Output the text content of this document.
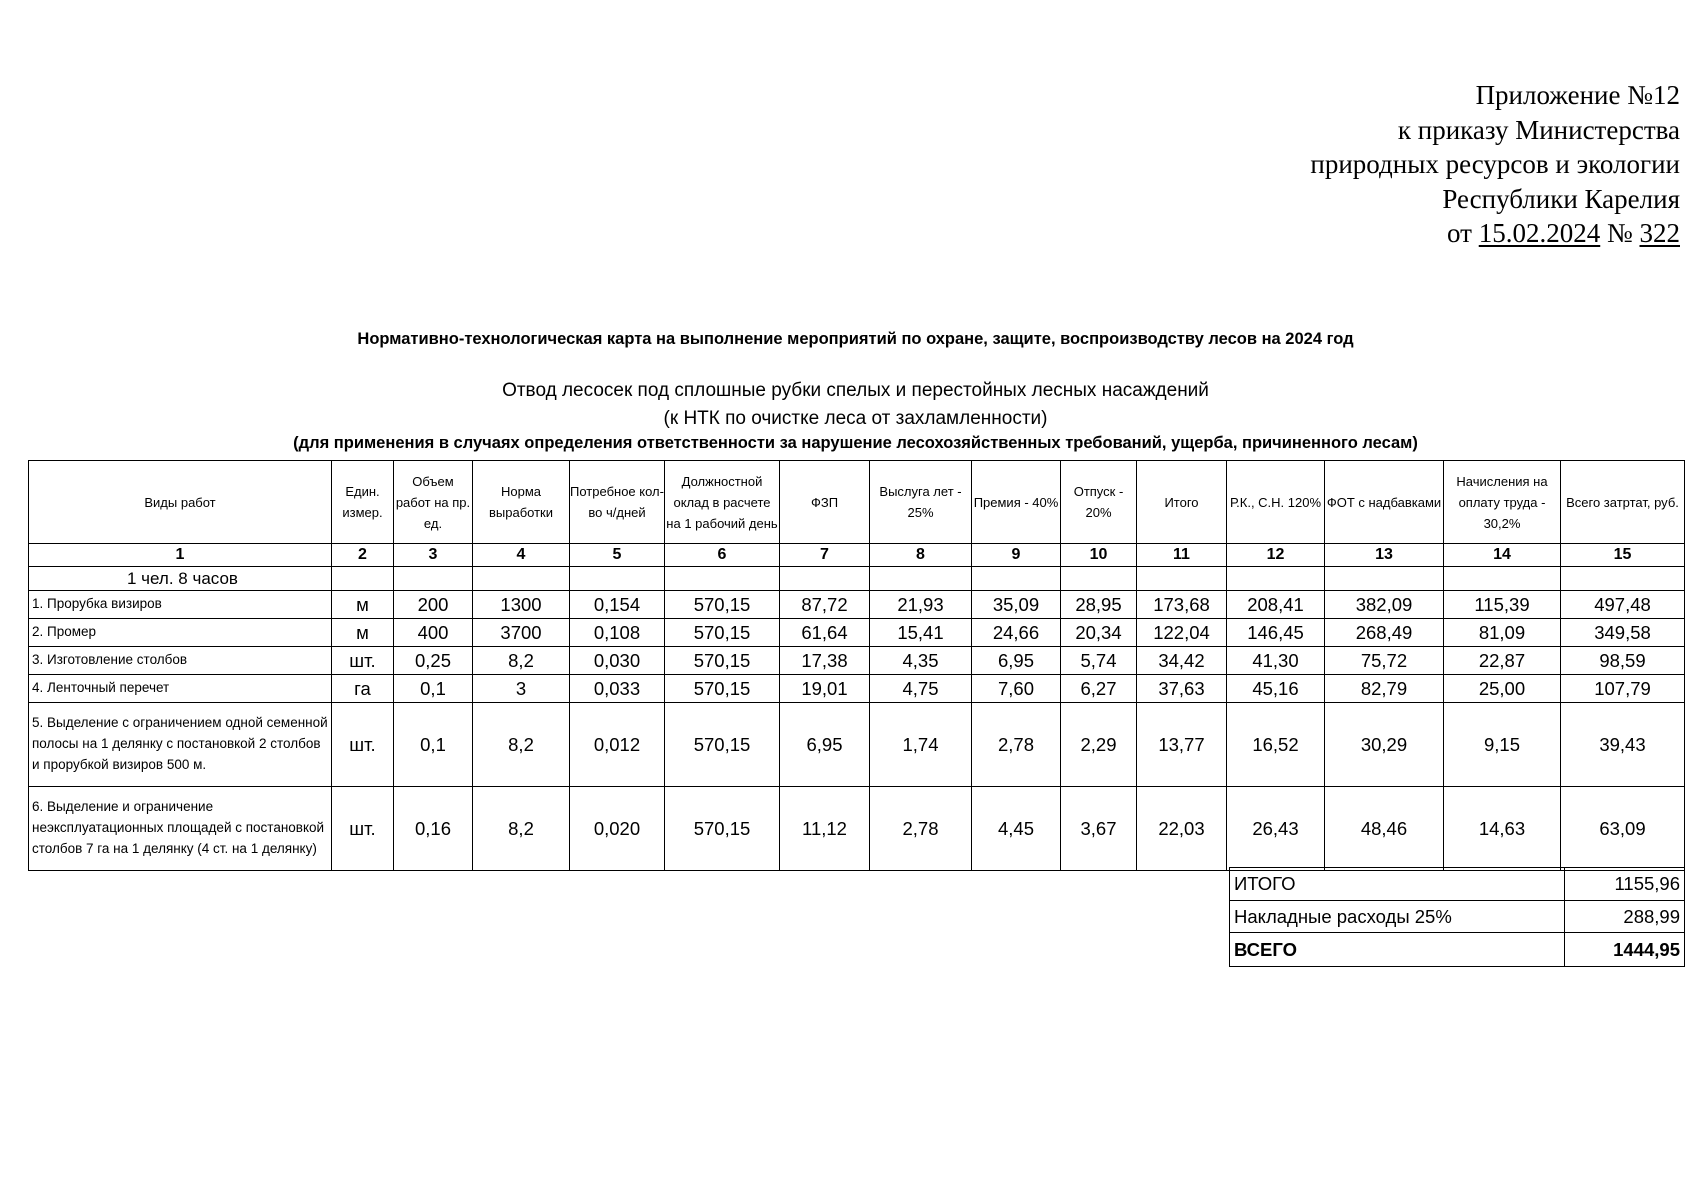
Приложение №12
к приказу Министерства
природных ресурсов и экологии
Республики Карелия
от 15.02.2024 № 322
Нормативно-технологическая карта на выполнение мероприятий по охране, защите, воспроизводству лесов на 2024 год
Отвод лесосек под сплошные рубки спелых и перестойных лесных насаждений
(к НТК по очистке леса от захламленности)
(для применения в случаях определения ответственности за нарушение лесохозяйственных требований, ущерба, причиненного лесам)
Виды работ	Един. измер.	Объем работ на пр. ед.	Норма выработки	Потребное кол-во ч/дней	Должностной оклад в расчете на 1 рабочий день	ФЗП	Выслуга лет - 25%	Премия - 40%	Отпуск - 20%	Итого	Р.К., С.Н. 120%	ФОТ с надбавками	Начисления на оплату труда - 30,2%	Всего затртат, руб.
1	2	3	4	5	6	7	8	9	10	11	12	13	14	15
1 чел. 8 часов														
1. Прорубка визиров	м	200	1300	0,154	570,15	87,72	21,93	35,09	28,95	173,68	208,41	382,09	115,39	497,48
2. Промер	м	400	3700	0,108	570,15	61,64	15,41	24,66	20,34	122,04	146,45	268,49	81,09	349,58
3. Изготовление столбов	шт.	0,25	8,2	0,030	570,15	17,38	4,35	6,95	5,74	34,42	41,30	75,72	22,87	98,59
4. Ленточный перечет	га	0,1	3	0,033	570,15	19,01	4,75	7,60	6,27	37,63	45,16	82,79	25,00	107,79
5. Выделение с ограничением одной семенной полосы на 1 делянку с постановкой 2 столбов и прорубкой визиров 500 м.	шт.	0,1	8,2	0,012	570,15	6,95	1,74	2,78	2,29	13,77	16,52	30,29	9,15	39,43
6. Выделение и ограничение неэксплуатационных площадей с постановкой столбов 7 га на 1 делянку (4 ст. на 1 делянку)	шт.	0,16	8,2	0,020	570,15	11,12	2,78	4,45	3,67	22,03	26,43	48,46	14,63	63,09
ИТОГО	1155,96
Накладные расходы 25%	288,99
ВСЕГО	1444,95
